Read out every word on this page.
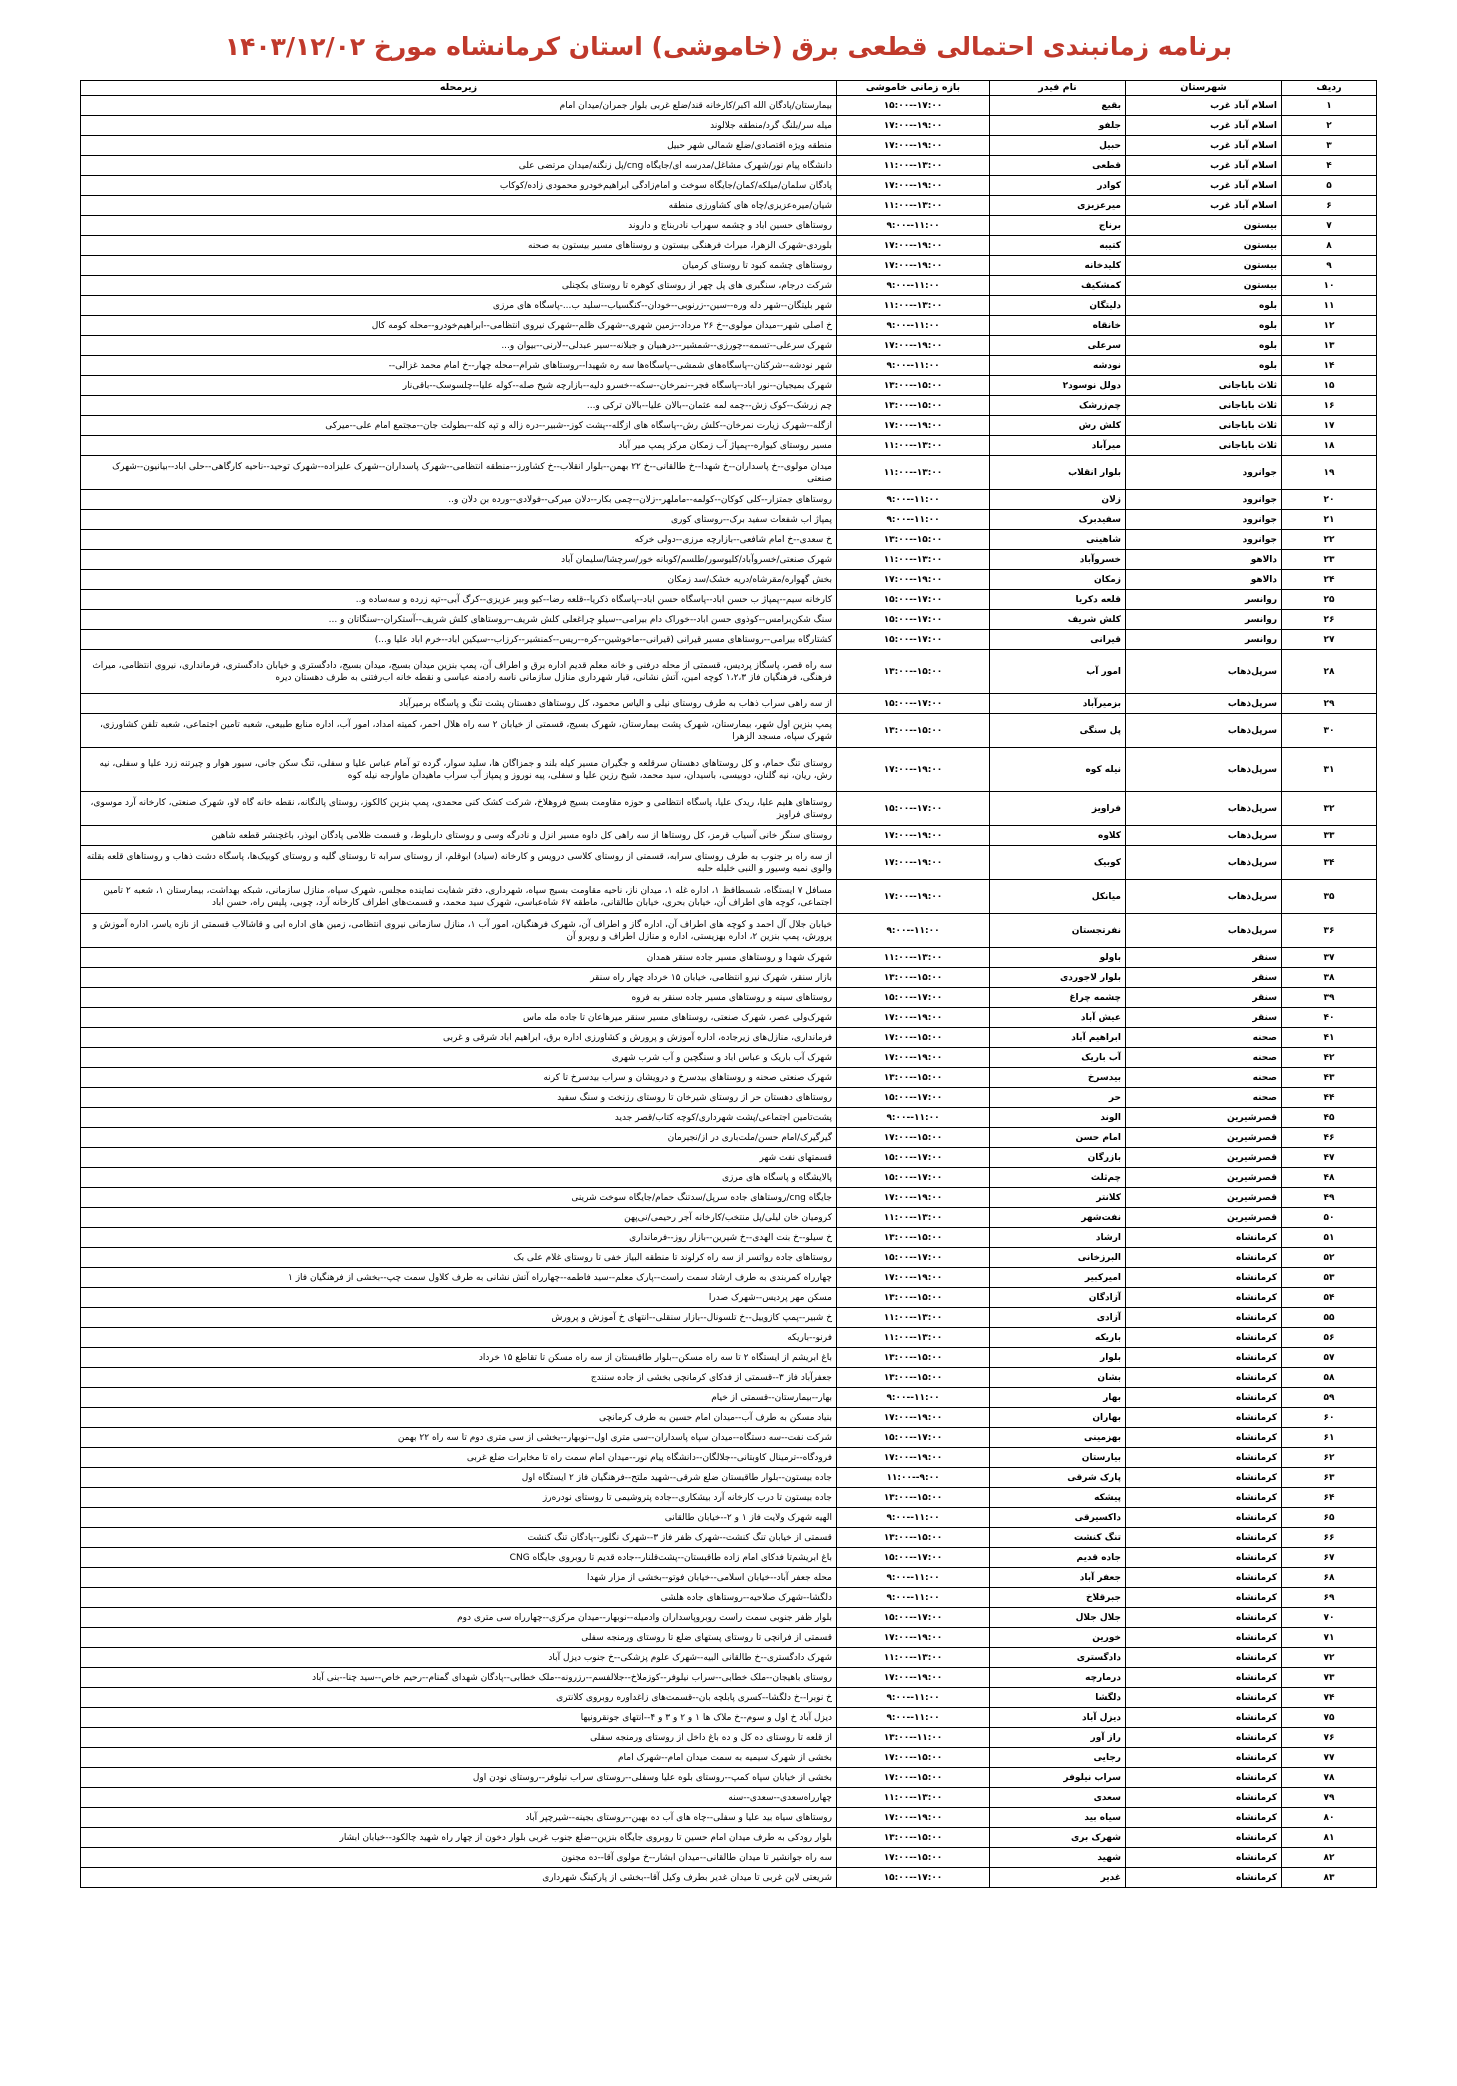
برنامه زمانبندی احتمالی قطعی برق (خاموشی) استان کرمانشاه مورخ ۱۴۰۳/۱۲/۰۲
ردیف	شهرستان	نام فیدر	بازه زمانی خاموشی	زیرمحله
۱	اسلام آباد غرب	بقیع	۱۵:۰۰--۱۷:۰۰	بیمارستان/پادگان الله اکبر/کارخانه قند/ضلع غربی بلوار جمران/میدان امام
۲	اسلام آباد غرب	جلفو	۱۷:۰۰--۱۹:۰۰	میله سر/بلنگ گرد/منطقه جلالوند
۳	اسلام آباد غرب	حبیل	۱۷:۰۰--۱۹:۰۰	منطقه ویژه اقتصادی/ضلع شمالی شهر حبیل
۴	اسلام آباد غرب	قطعی	۱۱:۰۰--۱۳:۰۰	دانشگاه پیام نور/شهرک مشاغل/مدرسه ای/جایگاه cng/پل زنگنه/میدان مرتضی علی
۵	اسلام آباد غرب	کوادر	۱۷:۰۰--۱۹:۰۰	پادگان سلمان/میلکه/کمان/جایگاه سوخت و امام‌زادگی ابراهیم‌خودرو محمودی زاده/کوکاب
۶	اسلام آباد غرب	میرعزیزی	۱۱:۰۰--۱۳:۰۰	شیان/میره‌عزیزی/چاه های کشاورزی منطقه
۷	بیستون	برناج	۹:۰۰--۱۱:۰۰	روستاهای حسین اباد و چشمه سهراب نادربناج و داروند
۸	بیستون	کتیبه	۱۷:۰۰--۱۹:۰۰	بلوردی-شهرک الزهرا، میراث فرهنگی بیستون و روستاهای مسیر بیستون به صحنه
۹	بیستون	کلیدخانه	۱۷:۰۰--۱۹:۰۰	روستاهای چشمه کبود تا روستای کرمیان
۱۰	بیستون	کمشکیف	۹:۰۰--۱۱:۰۰	شرکت درجام، سنگبری های پل چهر از روستای کوهره تا روستای بکچنلی
۱۱	بلوه	دلیتگان	۱۱:۰۰--۱۳:۰۰	شهر بلیتگان--شهر دله وره--سین--زرنوبی--خودان--کنگسیاب--سلید ب...-پاسگاه های مرزی
۱۲	بلوه	خانقاه	۹:۰۰--۱۱:۰۰	خ اصلی شهر--میدان مولوی--خ ۲۶ مرداد--زمین شهری--شهرک ظلم--شهرک نیروی انتظامی--ابراهیم‌خودرو--محله کومه کال
۱۳	بلوه	سرعلی	۱۷:۰۰--۱۹:۰۰	شهرک سرعلی--تسمه--چورزی--شمشیر--درهبیان و جبلانه--سیر عبدلی--لارنی--بیوان و...
۱۴	بلوه	نودشه	۹:۰۰--۱۱:۰۰	شهر نودشه--شرکتان--پاسگاه‌های شمشی--پاسگاه‌ها سه ر‌ه شهیدا--روستاهای شرام--محله چهار--خ امام محمد غزالی--
۱۵	ثلاث باباجانی	دولل نوسود۲	۱۳:۰۰--۱۵:۰۰	شهرک بمیجیان--نور اباد--پاسگاه فجر--نمرخان--سکه--خسرو دلیه--بازارچه شیخ صله--کوله علیا--چلسوسک--باقی‌نار
۱۶	ثلاث باباجانی	چم‌زرشک	۱۳:۰۰--۱۵:۰۰	چم زرشک--کوک زش--چمه لمه عثمان--بالان علیا--بالان ترکی و...
۱۷	ثلاث باباجانی	کلش رش	۱۷:۰۰--۱۹:۰۰	ازگله--شهرک زیارت نمرخان--کلش رش--پاسگاه های ازگله--پشت کوز--شبیر--دره زاله و تپه کله--بطولت جان--مجتمع امام علی--میرکی
۱۸	ثلاث باباجانی	میرآباد	۱۱:۰۰--۱۳:۰۰	مسیر روستای کیواره--پمپاژ آب زمکان مرکز پمپ میر آباد
۱۹	جوانرود	بلوار انقلاب	۱۱:۰۰--۱۳:۰۰	میدان مولوی--خ پاسداران--خ شهدا--خ طالقانی--خ ۲۲ بهمن--بلوار انقلاب--خ کشاورز--منطقه انتظامی--شهرک پاسداران--شهرک علیزاده--شهرک توحید--ناحیه کارگاهی--حلی اباد--بیانیون--شهرک صنعتی
۲۰	جوانرود	زلان	۹:۰۰--۱۱:۰۰	روستاهای جمتزار--کلی کوکان--کولمه--ماملهر--زلان--چمی بکار--دلان میرکی--فولادی--ورده بن دلان و..
۲۱	جوانرود	سفیدبرک	۹:۰۰--۱۱:۰۰	پمپاژ اب شفعات سفید برک--روستای کوری
۲۲	جوانرود	شاهینی	۱۳:۰۰--۱۵:۰۰	خ سعدی--خ امام شافعی--بازارچه مرزی--دولی خرکه
۲۳	دالاهو	خسروآباد	۱۱:۰۰--۱۳:۰۰	شهرک صنعتی/خسروآباد/کلیوسور/طلسم/کوبانه خور/سرچشا/سلیمان آباد
۲۴	دالاهو	زمکان	۱۷:۰۰--۱۹:۰۰	بخش گهواره/مقرشاه/دریه خشک/سد زمکان
۲۵	روانسر	قلعه دکریا	۱۵:۰۰--۱۷:۰۰	کارخانه سیم--پمپاژ ب حسن اباد--پاسگاه حسن اباد--پاسگاه ذکریا--قلعه رضا--کیو وبیر عزیزی--کرگ آبی--تپه زرده و سه‌ساده و..
۲۶	روانسر	کلش شریف	۱۵:۰۰--۱۷:۰۰	سنگ شکن‌برامس--کوذوی حسن اباد--خوراک دام بیرامی--سیلو چراغعلی کلش شریف--روستاهای کلش شریف--آستکران--سنگاتان و ...
۲۷	روانسر	قیرانی	۱۵:۰۰--۱۷:۰۰	کشتارگاه بیرامی--روستاهای مسیر قیرانی (قیرانی--ماخوشین--کره--ریس--کمنشیر--کرزاب--سیکین اباد--خرم اباد علیا و...)
۲۸	سرپل‌ذهاب	امور آب	۱۳:۰۰--۱۵:۰۰	سه راه قصر، پاسگاز پردیس، قسمتی از محله درفنی و خانه معلم قدیم اداره برق و اطراف آن، پمپ بنزین میدان بسیج، میدان بسیج، دادگستری و خیابان دادگستری، فرمانداری، نیروی انتظامی، میراث فرهنگی، فرهنگیان فاز ۱،۲،۳ کوچه امین، آتش نشانی، قبار شهرداری منازل سازمانی ناسه رادمنه عباسی و نقطه خانه اب‌رفتنی به طرف دهستان دیره
۲۹	سرپل‌ذهاب	بزمیرآباد	۱۵:۰۰--۱۷:۰۰	از سه راهی سراب ذهاب به طرف روستای نیلی و الیاس محمود، کل روستاهای دهستان پشت تنگ و پاسگاه برمیرآباد
۳۰	سرپل‌ذهاب	پل سنگی	۱۳:۰۰--۱۵:۰۰	پمپ بنزین اول شهر، بیمارستان، شهرک پشت بیمارستان، شهرک بسیج، قسمتی از خیابان ۲ سه راه هلال احمر، کمیته امداد، امور آب، اداره منابع طبیعی، شعبه تامین اجتماعی، شعبه تلفن کشاورزی، شهرک سپاه، مسجد الزهرا
۳۱	سرپل‌ذهاب	نیله کوه	۱۷:۰۰--۱۹:۰۰	روستای تنگ حمام، و کل روستاهای دهستان سرقلعه و جگیران مسیر کیله بلند و جمزاگان ها، سلید سوار، گرده تو آمام عباس علیا و سفلی، تنگ سکن جانی، سیور هوار و چیرتنه زرد علیا و سفلی، نیه رش، ریان، نیه گلنان، دوبیسی، باسیدان، سید محمد، شیخ رزین علیا و سفلی، پیه نوروز و پمپاز آب سراب ماهیدان ماوارجه نیله کوه
۳۲	سرپل‌ذهاب	فراویز	۱۵:۰۰--۱۷:۰۰	روستاهای هلیم علیا، ریدک علیا، پاسگاه انتظامی و حوزه مقاومت بسیج فروهلاخ، شرکت کشک کنی محمدی، پمپ بنزین کالکوز، روستای پالنگانه، نقطه خانه گاه لاو، شهرک صنعتی، کارخانه آرد موسوی، روستای فراویز
۳۳	سرپل‌ذهاب	کلاوه	۱۷:۰۰--۱۹:۰۰	روستای سنگر خانی آسیاب قرمز، کل روستاها از سه راهی کل داوه مسیر انزل و نادرگه وسی و روستای داربلوط، و قسمت ظلامی پادگان ابوذر، باغچنشر قطعه شاهین
۳۴	سرپل‌ذهاب	کوبیک	۱۷:۰۰--۱۹:۰۰	از سه راه بر جنوب به طرف روستای سرابه، قسمتی از روستای کلاسی درویس و کارخانه (سیاد) ابوقلم، از روستای سرابه تا روستای گلیه و روستای کوبیک‌ها، پاسگاه دشت ذهاب و روستاهای قلعه بقلته والوی نمیه وسیور و النبی خلبله حلبه
۳۵	سرپل‌ذهاب	میانکل	۱۷:۰۰--۱۹:۰۰	مسافل ۷ ایستگاه، شسطافظ ۱، اداره غله ۱، میدان ناز، ناحیه مقاومت بسیج سپاه، شهرداری، دفتر شفایت نماینده مجلس، شهرک سپاه، منازل سازمانی، شبکه بهداشت، بیمارستان ۱، شعبه ۲ تامین اجتماعی، کوچه های اطراف آن، خیابان بحری، خیابان طالقانی، ماطقه ۶۷ شاه‌عباسی، شهرک سید محمد، و قسمت‌های اطراف کارخانه آرد، چوبی، پلیس راه، حسن اباد
۳۶	سرپل‌ذهاب	نفرتجستان	۹:۰۰--۱۱:۰۰	خیابان جلال آل احمد و کوچه های اطراف آن، اداره گاز و اطراف آن، شهرک فرهنگیان، امور آب ۱، منازل سازمانی نیروی انتظامی، زمین های اداره ابی و قاشالاب قسمتی از نازه یاسر، اداره آموزش و پرورش، پمپ بنزین ۲، اداره بهزیستی، اداره و منازل اطراف و روبرو آن
۳۷	سنقر	باولو	۱۱:۰۰--۱۳:۰۰	شهرک شهدا و روستاهای مسیر جاده سنقر همدان
۳۸	سنقر	بلوار لاجوردی	۱۳:۰۰--۱۵:۰۰	بازار سنقر، شهرک نیرو انتظامی، خیابان ۱۵ خرداد چهار راه سنقر
۳۹	سنقر	چشمه چراغ	۱۵:۰۰--۱۷:۰۰	روستاهای سینه و روستاهای مسیر جاده سنقر به فروه
۴۰	سنقر	عیش آباد	۱۷:۰۰--۱۹:۰۰	شهرک‌ولی عصر، شهرک صنعتی، روستاهای مسیر سنقر میرهاعان تا جاده مله ماس
۴۱	صحنه	ابراهیم آباد	۱۷:۰۰--۱۵:۰۰	فرمانداری، منازل‌های زیرجاده، اداره آموزش و پرورش و کشاورزی اداره برق، ابراهیم اباد شرقی و غربی
۴۲	صحنه	آب باریک	۱۷:۰۰--۱۹:۰۰	شهرک آب باریک و عباس اباد و سنگچین و آب شرب شهری
۴۳	صحنه	بیدسرخ	۱۳:۰۰--۱۵:۰۰	شهرک صنعتی صحنه و روستاهای بیدسرخ و درویشان و سراب بیدسرخ تا کرنه
۴۴	صحنه	حر	۱۵:۰۰--۱۷:۰۰	روستاهای دهستان حر از روستای شیرخان تا روستای رزنخت و سنگ سفید
۴۵	قصرشیرین	الوند	۹:۰۰--۱۱:۰۰	پشت‌تامین اجتماعی/پشت شهرداری/کوچه کتاب/قصر جدید
۴۶	قصرشیرین	امام حسن	۱۷:۰۰--۱۵:۰۰	گیرگیرک/امام حسن/ملت‌باری در از/نجیرمان
۴۷	قصرشیرین	بازرگان	۱۵:۰۰--۱۷:۰۰	قسمتهای نفت شهر
۴۸	قصرشیرین	چم‌ثلث	۱۵:۰۰--۱۷:۰۰	پالایشگاه و پاسگاه های مرزی
۴۹	قصرشیرین	کلانتر	۱۷:۰۰--۱۹:۰۰	جایگاه cng/روستاهای جاده سرپل/سدتنگ حمام/جایگاه سوخت شرینی
۵۰	قصرشیرین	نفت‌شهر	۱۱:۰۰--۱۳:۰۰	کرومیان خان لیلی/پل منتخب/کارخانه آجر رحیمی/نی‌پهن
۵۱	کرمانشاه	ارشاد	۱۳:۰۰--۱۵:۰۰	خ سیلو--خ بنت الهدی--خ شیرین--بازار روز--فرمانداری
۵۲	کرمانشاه	البرزخانی	۱۵:۰۰--۱۷:۰۰	روستاهای جاده رواتسر از سه راه کرلوند تا منطقه البیاز خفی تا روستای غلام علی بک
۵۳	کرمانشاه	امیرکبیر	۱۷:۰۰--۱۹:۰۰	چهارراه کمربندی به طرف ارشاد سمت راست--پارک معلم--سید فاطمه--چهارراه آتش نشانی به طرف کلاول سمت چپ--بخشی از فرهنگیان فاز ۱
۵۴	کرمانشاه	آزادگان	۱۳:۰۰--۱۵:۰۰	مسکن مهر پردیس--شهرک صدرا
۵۵	کرمانشاه	آزادی	۱۱:۰۰--۱۳:۰۰	خ شبیر--پمپ کازوییل--خ تلسونال--بازار سنقلی--انتهای خ آموزش و پرورش
۵۶	کرمانشاه	باریکه	۱۱:۰۰--۱۳:۰۰	فرنو--باریکه
۵۷	کرمانشاه	بلوار	۱۳:۰۰--۱۵:۰۰	باغ ابریشم از ایستگاه ۲ تا سه راه مسکن--بلوار طاقبستان از سه راه مسکن تا تقاطع ۱۵ خرداد
۵۸	کرمانشاه	بشان	۱۳:۰۰--۱۵:۰۰	جعفرآباد فاز ۳--قسمتی از فدکای کرمانچی بخشی از جاده سنندج
۵۹	کرمانشاه	بهار	۹:۰۰--۱۱:۰۰	بهار--بیمارستان--قسمتی از خیام
۶۰	کرمانشاه	بهاران	۱۷:۰۰--۱۹:۰۰	بنیاد مسکن به طرف آب--میدان امام حسین به طرف کرمانچی
۶۱	کرمانشاه	بهزمینی	۱۵:۰۰--۱۷:۰۰	شرکت نفت--سه دستگاه--میدان سپاه پاسداران--سی متری اول--نوبهار--بخشی از سی متری دوم تا سه راه ۲۲ بهمن
۶۲	کرمانشاه	بیارستان	۱۷:۰۰--۱۹:۰۰	فرودگاه--ترمینال کاوبتانی--جلالگان--دانشگاه پیام نور--میدان امام سمت راه تا مخابرات ضلع غربی
۶۳	کرمانشاه	پارک شرقی	۱۱:۰۰--۹:۰۰	جاده بیستون--بلوار طاقبستان ضلع شرقی--شهید ملتح--فرهنگیان فاز ۲ ایستگاه اول
۶۴	کرمانشاه	پیشکه	۱۳:۰۰--۱۵:۰۰	جاده بیستون تا درب کارخانه آرد بیشکاری--جاده پتروشیمی تا روستای نودره‌رز
۶۵	کرمانشاه	داکسیرقی	۹:۰۰--۱۱:۰۰	الهیه شهرک ولایت فاز ۱ و ۲--خیابان طالقانی
۶۶	کرمانشاه	تنگ کنشت	۱۳:۰۰--۱۵:۰۰	قسمتی از خیابان تنگ کنشت--شهرک ظفر فاز ۳--شهرک نگلور--پادگان تنگ کنشت
۶۷	کرمانشاه	جاده قدیم	۱۵:۰۰--۱۷:۰۰	باغ ابریشم‌تا فدکای امام زاده طاقبستان--پشت‌قلنار--جاده قدیم تا روبروی جایگاه CNG
۶۸	کرمانشاه	جعفر آباد	۹:۰۰--۱۱:۰۰	محله جعفر آباد--خیابان اسلامی--خیابان فوتو--بخشی از مزار شهدا
۶۹	کرمانشاه	جبرقلاخ	۹:۰۰--۱۱:۰۰	دلگشا--شهرک صلاحیه--روستاهای جاده هلشی
۷۰	کرمانشاه	جلال جلال	۱۵:۰۰--۱۷:۰۰	بلوار ظفر جنوبی سمت راست روبروپاسداران وادمیله--نوبهار--میدان مرکزی--چهارراه سی متری دوم
۷۱	کرمانشاه	خورین	۱۷:۰۰--۱۹:۰۰	قسمتی از فرانچی تا روستای پستهای ضلع تا روستای ورمنجه سفلی
۷۲	کرمانشاه	دادگستری	۱۱:۰۰--۱۳:۰۰	شهرک دادگستری--خ طالقانی البیه--شهرک علوم پزشکی--خ جنوب دیزل آباد
۷۳	کرمانشاه	درمارچه	۱۷:۰۰--۱۹:۰۰	روستای باهیجان--ملک خطابی--سراب نیلوفر--کوزملاخ--جلالفسم--رزرونه--ملک خطابی--پادگان شهدای گمنام--رحیم خاص--سید چنا--بنی آباد
۷۴	کرمانشاه	دلگشا	۹:۰۰--۱۱:۰۰	خ نوبرا--خ دلگشا--کسری پابلچه بان--قسمت‌های زاغداوره روبروی کلانتری
۷۵	کرمانشاه	دیزل آباد	۹:۰۰--۱۱:۰۰	دیزل آباد خ اول و سوم--خ ملاک ها ۱ و ۲ و ۳ و ۴--انتهای جونقرونیها
۷۶	کرمانشاه	راز آور	۱۳:۰۰--۱۱:۰۰	از قلعه تا روستای ده کل و ده باغ داخل از روستای ورمنجه سفلی
۷۷	کرمانشاه	رجایی	۱۷:۰۰--۱۵:۰۰	بخشی از شهرک سیمیه به سمت میدان امام--شهرک امام
۷۸	کرمانشاه	سراب نیلوفر	۱۷:۰۰--۱۵:۰۰	بخشی از خیابان سپاه کمپ--روستای بلوه علیا وسفلی--روستای سراب نیلوفر--روستای نودن اول
۷۹	کرمانشاه	سعدی	۱۱:۰۰--۱۳:۰۰	چهارراه‌سعدی--سعدی--سنه
۸۰	کرمانشاه	سیاه بید	۱۷:۰۰--۱۹:۰۰	روستاهای سیاه بید علیا و سفلی--چاه های آب ده بهین--روستای بجینه--شیرچپر آباد
۸۱	کرمانشاه	شهرک بری	۱۳:۰۰--۱۵:۰۰	بلوار رودکی به طرف میدان امام حسین تا روبروی جایگاه بنزین--ضلع جنوب غربی بلوار دخون از چهار راه شهید چالکود--خیابان ابشار
۸۲	کرمانشاه	شهید	۱۷:۰۰--۱۵:۰۰	سه راه جوانشیر تا میدان طالقانی--میدان ابشار--خ مولوی آقا--ده مجنون
۸۳	کرمانشاه	غدیر	۱۵:۰۰--۱۷:۰۰	شریعتی لاین غربی تا میدان غدیر بطرف وکیل آقا--بخشی از پارکینگ شهرداری
